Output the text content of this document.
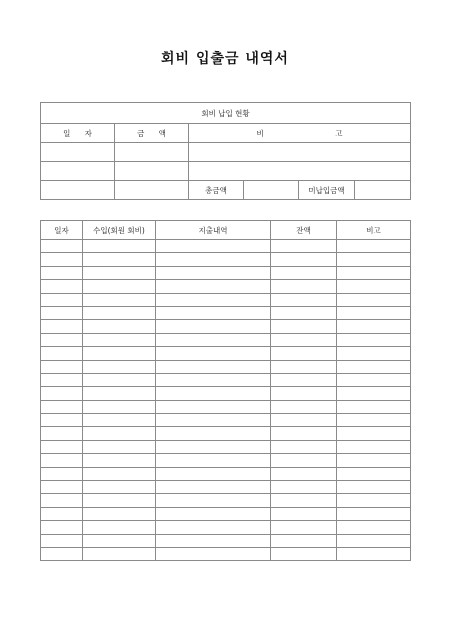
회비 입출금 내역서
회비 납입 현황					
일      자	금      액	비                              고			

		총금액		미납입금액	
일자	수입(회원 회비)	지출내역	잔액	비고
